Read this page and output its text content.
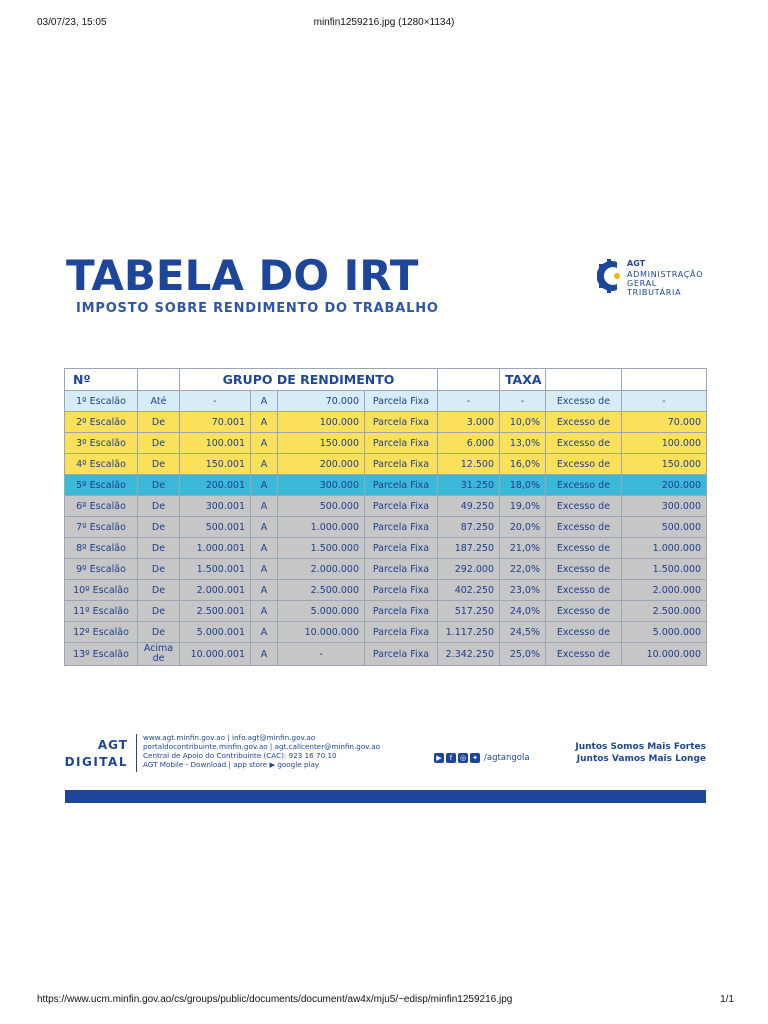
03/07/23, 15:05	minfin1259216.jpg (1280×1134)
TABELA DO IRT
IMPOSTO SOBRE RENDIMENTO DO TRABALHO
AGT
ADMINISTRAÇÃO
GERAL
TRIBUTÁRIA
Nº		GRUPO DE RENDIMENTO					TAXA		
1º Escalão	Até	-	A	70.000	Parcela Fixa	-	-	Excesso de	-
2º Escalão	De	70.001	A	100.000	Parcela Fixa	3.000	10,0%	Excesso de	70.000
3º Escalão	De	100.001	A	150.000	Parcela Fixa	6.000	13,0%	Excesso de	100.000
4º Escalão	De	150.001	A	200.000	Parcela Fixa	12.500	16,0%	Excesso de	150.000
5º Escalão	De	200.001	A	300.000	Parcela Fixa	31.250	18,0%	Excesso de	200.000
6º Escalão	De	300.001	A	500.000	Parcela Fixa	49.250	19,0%	Excesso de	300.000
7º Escalão	De	500.001	A	1.000.000	Parcela Fixa	87.250	20,0%	Excesso de	500.000
8º Escalão	De	1.000.001	A	1.500.000	Parcela Fixa	187.250	21,0%	Excesso de	1.000.000
9º Escalão	De	1.500.001	A	2.000.000	Parcela Fixa	292.000	22,0%	Excesso de	1.500.000
10º Escalão	De	2.000.001	A	2.500.000	Parcela Fixa	402.250	23,0%	Excesso de	2.000.000
11º Escalão	De	2.500.001	A	5.000.000	Parcela Fixa	517.250	24,0%	Excesso de	2.500.000
12º Escalão	De	5.000.001	A	10.000.000	Parcela Fixa	1.117.250	24,5%	Excesso de	5.000.000
13º Escalão	Acima de	10.000.001	A	-	Parcela Fixa	2.342.250	25,0%	Excesso de	10.000.000
AGT
DIGITAL
www.agt.minfin.gov.ao | info.agt@minfin.gov.ao
portaldocontribuinte.minfin.gov.ao | agt.callcenter@minfin.gov.ao
Central de Apoio do Contribuinte (CAC): 923 16 70 10
AGT Mobile - Download | app store ▶ google play
▶ f ◎ ✦ /agtangola
Juntos Somos Mais Fortes
Juntos Vamos Mais Longe
https://www.ucm.minfin.gov.ao/cs/groups/public/documents/document/aw4x/mju5/~edisp/minfin1259216.jpg	1/1
